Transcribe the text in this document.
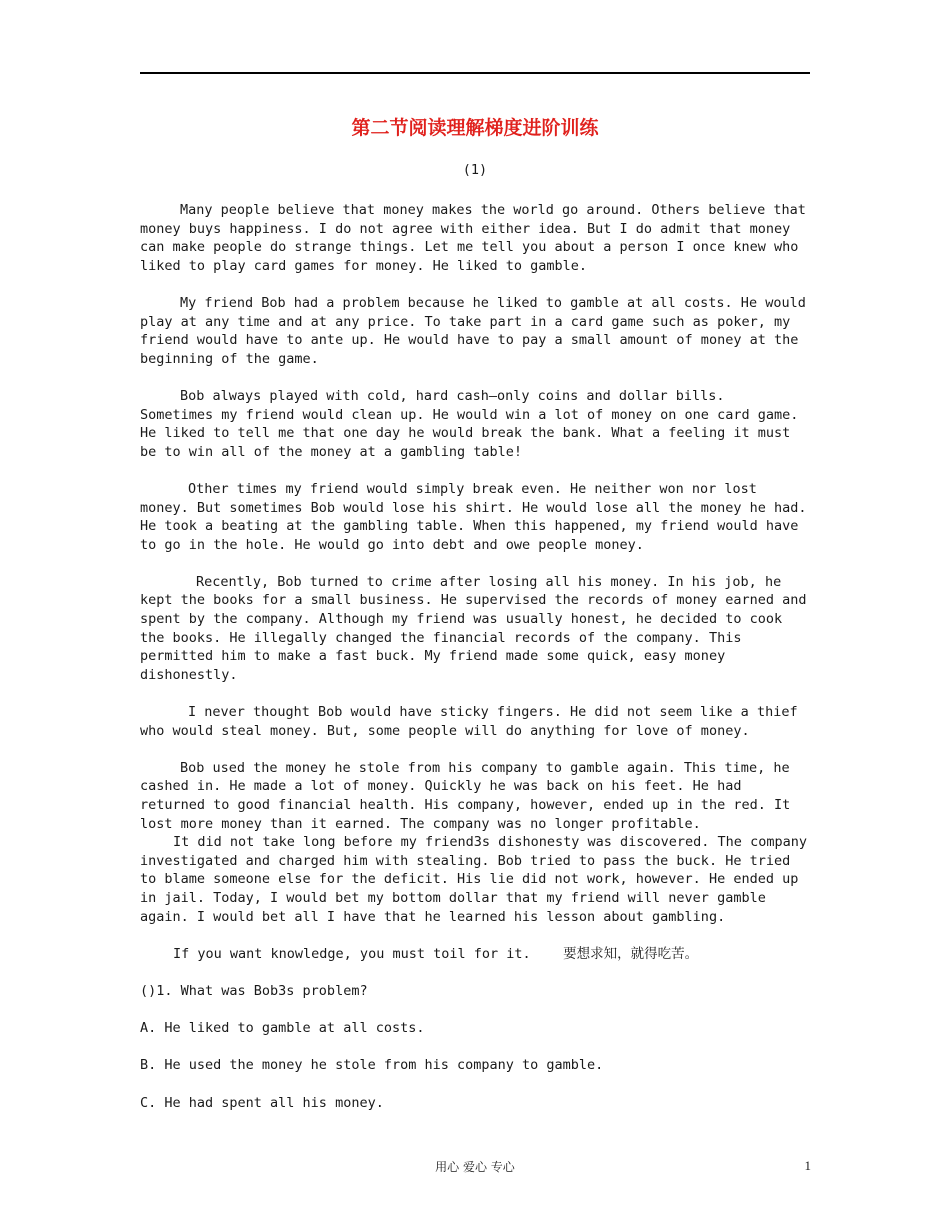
第二节阅读理解梯度进阶训练
(1)

Many people believe that money makes the world go around. Others believe that
money buys happiness. I do not agree with either idea. But I do admit that money
can make people do strange things. Let me tell you about a person I once knew who
liked to play card games for money. He liked to gamble.

My friend Bob had a problem because he liked to gamble at all costs. He would
play at any time and at any price. To take part in a card game such as poker, my
friend would have to ante up. He would have to pay a small amount of money at the
beginning of the game.

Bob always played with cold, hard cash—only coins and dollar bills.
Sometimes my friend would clean up. He would win a lot of money on one card game.
He liked to tell me that one day he would break the bank. What a feeling it must
be to win all of the money at a gambling table!

Other times my friend would simply break even. He neither won nor lost
money. But sometimes Bob would lose his shirt. He would lose all the money he had.
He took a beating at the gambling table. When this happened, my friend would have
to go in the hole. He would go into debt and owe people money.

Recently, Bob turned to crime after losing all his money. In his job, he
kept the books for a small business. He supervised the records of money earned and
spent by the company. Although my friend was usually honest, he decided to cook
the books. He illegally changed the financial records of the company. This
permitted him to make a fast buck. My friend made some quick, easy money
dishonestly.

I never thought Bob would have sticky fingers. He did not seem like a thief
who would steal money. But, some people will do anything for love of money.

Bob used the money he stole from his company to gamble again. This time, he
cashed in. He made a lot of money. Quickly he was back on his feet. He had
returned to good financial health. His company, however, ended up in the red. It
lost more money than it earned. The company was no longer profitable.

It did not take long before my friend3s dishonesty was discovered. The company
investigated and charged him with stealing. Bob tried to pass the buck. He tried
to blame someone else for the deficit. His lie did not work, however. He ended up
in jail. Today, I would bet my bottom dollar that my friend will never gamble
again. I would bet all I have that he learned his lesson about gambling.

If you want knowledge, you must toil for it. 要想求知，就得吃苦。

()1. What was Bob3s problem?

A. He liked to gamble at all costs.

B. He used the money he stole from his company to gamble.

C. He had spent all his money.

用心 爱心 专心	1
